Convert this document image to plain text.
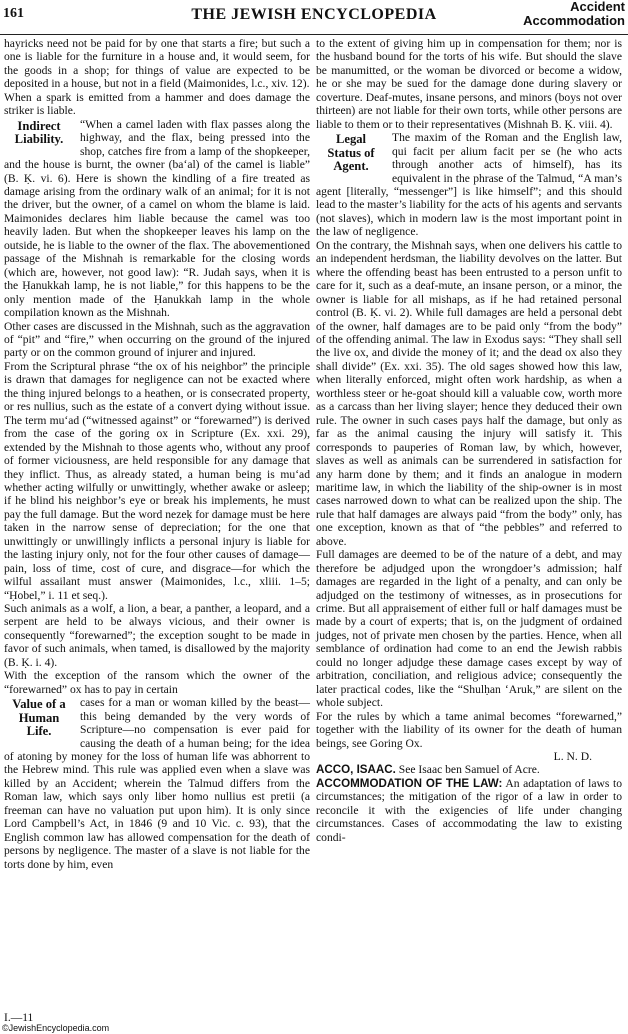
161	THE JEWISH ENCYCLOPEDIA	Accident
Accommodation

hayricks need not be paid for by one that starts a fire; but such a one is liable for the furniture in a house and, it would seem, for the goods in a shop; for things of value are expected to be deposited in a house, but not in a field (Maimonides, l.c., xiv. 12).

When a spark is emitted from a hammer and does damage the striker is liable.

Indirect
Liability.

“When a camel laden with flax passes along the highway, and the flax, being pressed into the shop, catches fire from a lamp of the shopkeeper, and the house is burnt, the owner (ba‘al) of the camel is liable” (B. Ḳ. vi. 6). Here is shown the kindling of a fire treated as damage arising from the ordinary walk of an animal; for it is not the driver, but the owner, of a camel on whom the blame is laid. Maimonides declares him liable because the camel was too heavily laden. But when the shopkeeper leaves his lamp on the outside, he is liable to the owner of the flax. The abovementioned passage of the Mishnah is remarkable for the closing words (which are, however, not good law): “R. Judah says, when it is the Ḥanukkah lamp, he is not liable,” for this happens to be the only mention made of the Ḥanukkah lamp in the whole compilation known as the Mishnah.

Other cases are discussed in the Mishnah, such as the aggravation of “pit” and “fire,” when occurring on the ground of the injured party or on the common ground of injurer and injured.

From the Scriptural phrase “the ox of his neighbor” the principle is drawn that damages for negligence can not be exacted where the thing injured belongs to a heathen, or is consecrated property, or res nullius, such as the estate of a convert dying without issue. The term mu‘ad (“witnessed against” or “forewarned”) is derived from the case of the goring ox in Scripture (Ex. xxi. 29), extended by the Mishnah to those agents who, without any proof of former viciousness, are held responsible for any damage that they inflict. Thus, as already stated, a human being is mu‘ad whether acting wilfully or unwittingly, whether awake or asleep; if he blind his neighbor’s eye or break his implements, he must pay the full damage. But the word nezeḳ for damage must be here taken in the narrow sense of depreciation; for the one that unwittingly or unwillingly inflicts a personal injury is liable for the lasting injury only, not for the four other causes of damage—pain, loss of time, cost of cure, and disgrace—for which the wilful assailant must answer (Maimonides, l.c., xliii. 1–5; “Ḥobel,” i. 11 et seq.).

Such animals as a wolf, a lion, a bear, a panther, a leopard, and a serpent are held to be always vicious, and their owner is consequently “forewarned”; the exception sought to be made in favor of such animals, when tamed, is disallowed by the majority (B. Ḳ. i. 4).

With the exception of the ransom which the owner of the “forewarned” ox has to pay in certain

Value of a
Human
Life.

cases for a man or woman killed by the beast—this being demanded by the very words of Scripture—no compensation is ever paid for causing the death of a human being; for the idea of atoning by money for the loss of human life was abhorrent to the Hebrew mind. This rule was applied even when a slave was killed by an Accident; wherein the Talmud differs from the Roman law, which says only liber homo nullius est pretii (a freeman can have no valuation put upon him). It is only since Lord Campbell’s Act, in 1846 (9 and 10 Vic. c. 93), that the English common law has allowed compensation for the death of persons by negligence. The master of a slave is not liable for the torts done by him, even

to the extent of giving him up in compensation for them; nor is the husband bound for the torts of his wife. But should the slave be manumitted, or the woman be divorced or become a widow, he or she may be sued for the damage done during slavery or coverture. Deaf-mutes, insane persons, and minors (boys not over thirteen) are not liable for their own torts, while other persons are liable to them or to their representatives (Mishnah B. Ḳ. viii. 4).

Legal
Status of
Agent.

The maxim of the Roman and the English law, qui facit per alium facit per se (he who acts through another acts of himself), has its equivalent in the phrase of the Talmud, “A man’s agent [literally, “messenger”] is like himself”; and this should lead to the master’s liability for the acts of his agents and servants (not slaves), which in modern law is the most important point in the law of negligence.

On the contrary, the Mishnah says, when one delivers his cattle to an independent herdsman, the liability devolves on the latter. But where the offending beast has been entrusted to a person unfit to care for it, such as a deaf-mute, an insane person, or a minor, the owner is liable for all mishaps, as if he had retained personal control (B. Ḳ. vi. 2). While full damages are held a personal debt of the owner, half damages are to be paid only “from the body” of the offending animal. The law in Exodus says: “They shall sell the live ox, and divide the money of it; and the dead ox also they shall divide” (Ex. xxi. 35). The old sages showed how this law, when literally enforced, might often work hardship, as when a worthless steer or he-goat should kill a valuable cow, worth more as a carcass than her living slayer; hence they deduced their own rule. The owner in such cases pays half the damage, but only as far as the animal causing the injury will satisfy it. This corresponds to pauperies of Roman law, by which, however, slaves as well as animals can be surrendered in satisfaction for any harm done by them; and it finds an analogue in modern maritime law, in which the liability of the ship-owner is in most cases narrowed down to what can be realized upon the ship. The rule that half damages are always paid “from the body” only, has one exception, known as that of “the pebbles” and referred to above.

Full damages are deemed to be of the nature of a debt, and may therefore be adjudged upon the wrongdoer’s admission; half damages are regarded in the light of a penalty, and can only be adjudged on the testimony of witnesses, as in prosecutions for crime. But all appraisement of either full or half damages must be made by a court of experts; that is, on the judgment of ordained judges, not of private men chosen by the parties. Hence, when all semblance of ordination had come to an end the Jewish rabbis could no longer adjudge these damage cases except by way of arbitration, conciliation, and religious advice; consequently the later practical codes, like the “Shulḥan ‘Aruk,” are silent on the whole subject.

For the rules by which a tame animal becomes “forewarned,” together with the liability of its owner for the death of human beings, see Goring Ox.

L. N. D.

ACCO, ISAAC. See Isaac ben Samuel of Acre.

ACCOMMODATION OF THE LAW: An adaptation of laws to circumstances; the mitigation of the rigor of a law in order to reconcile it with the exigencies of life under changing circumstances. Cases of accommodating the law to existing condi-

I.—11
©JewishEncyclopedia.com
